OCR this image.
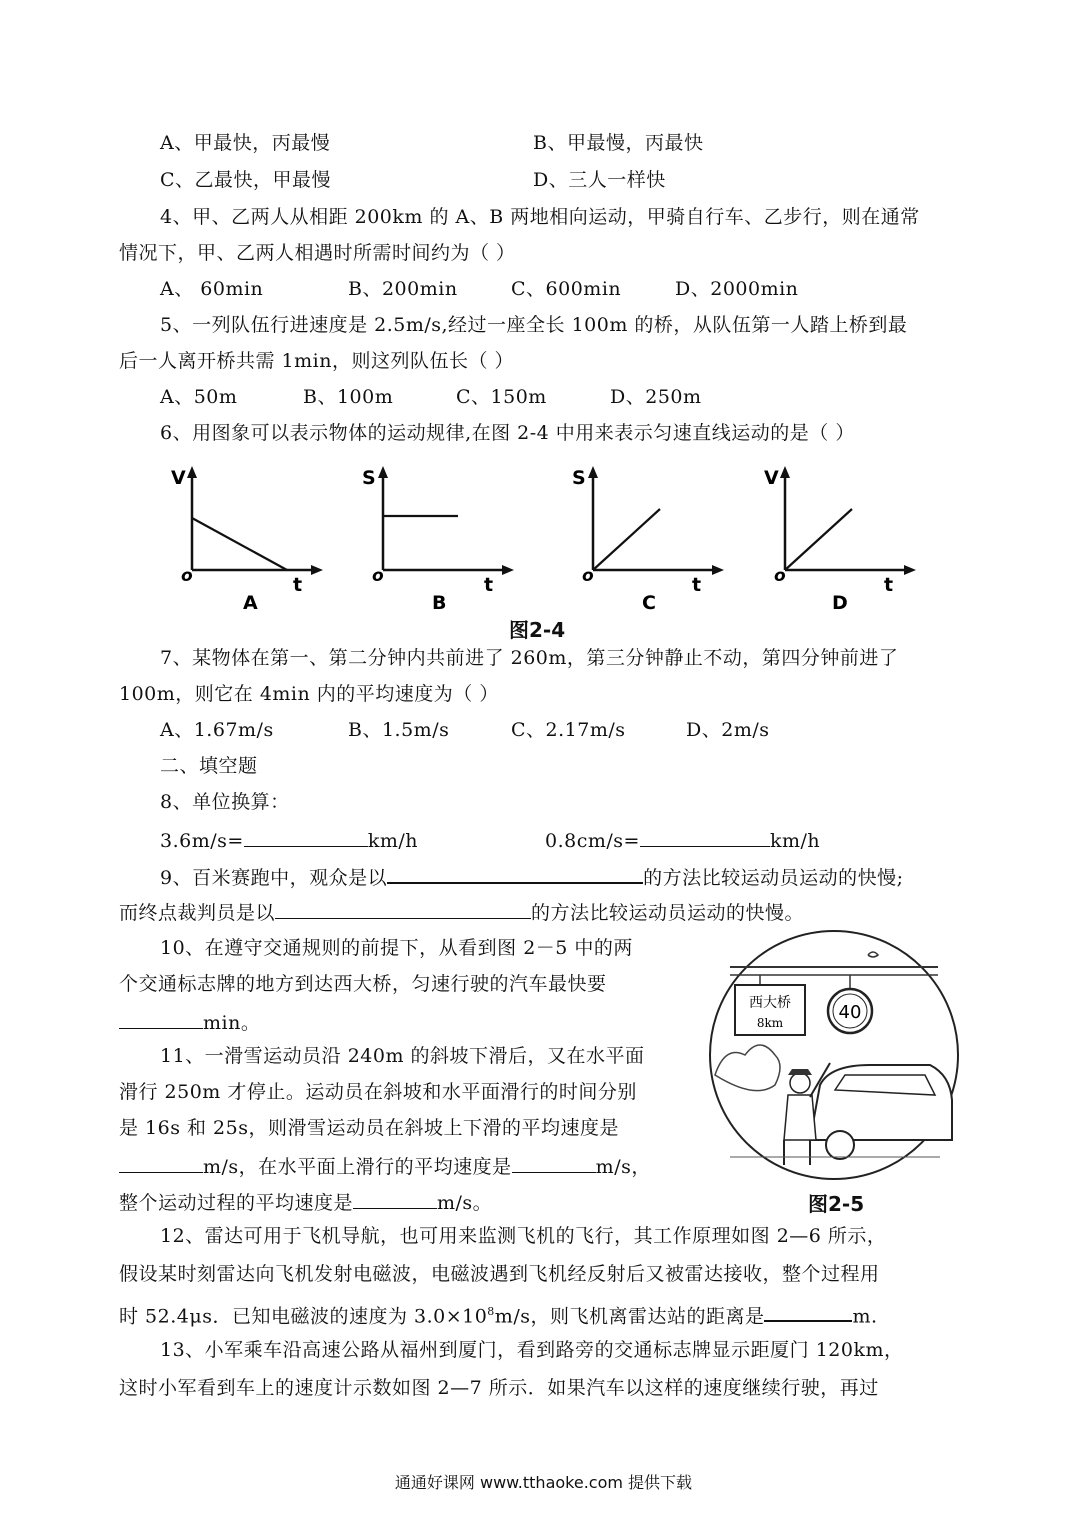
A、甲最快，丙最慢	B、甲最慢，丙最快
C、乙最快，甲最慢	D、三人一样快
4、甲、乙两人从相距 200km 的 A、B 两地相向运动，甲骑自行车、乙步行，则在通常
情况下，甲、乙两人相遇时所需时间约为（ ）
A、 60min	B、200min	C、600min	D、2000min
5、一列队伍行进速度是 2.5m/s,经过一座全长 100m 的桥，从队伍第一人踏上桥到最
后一人离开桥共需 1min，则这列队伍长（ ）
A、50m	B、100m	C、150m	D、250m
6、用图象可以表示物体的运动规律,在图 2-4 中用来表示匀速直线运动的是（ ）
V
o	t
A
S
o	t
B
S
o	t
C
V
o	t
D
图2-4
7、某物体在第一、第二分钟内共前进了 260m，第三分钟静止不动，第四分钟前进了
100m，则它在 4min 内的平均速度为（ ）
A、1.67m/s	B、1.5m/s	C、2.17m/s	D、2m/s
二、填空题
8、单位换算：
3.6m/s=	km/h	0.8cm/s=	km/h
9、百米赛跑中，观众是以	的方法比较运动员运动的快慢;
而终点裁判员是以	的方法比较运动员运动的快慢。
10、在遵守交通规则的前提下，从看到图 2－5 中的两
个交通标志牌的地方到达西大桥，匀速行驶的汽车最快要
min。
11、一滑雪运动员沿 240m 的斜坡下滑后，又在水平面
滑行 250m 才停止。运动员在斜坡和水平面滑行的时间分别
是 16s 和 25s，则滑雪运动员在斜坡上下滑的平均速度是
m/s，在水平面上滑行的平均速度是	m/s，
整个运动过程的平均速度是	m/s。
西大桥
8km	40
图2-5
12、雷达可用于飞机导航，也可用来监测飞机的飞行，其工作原理如图 2—6 所示，
假设某时刻雷达向飞机发射电磁波，电磁波遇到飞机经反射后又被雷达接收，整个过程用
时 52.4μs．已知电磁波的速度为 $3.0\times 10^8m/s$，则飞机离雷达站的距离是	m.
13、小军乘车沿高速公路从福州到厦门，看到路旁的交通标志牌显示距厦门 120km，
这时小军看到车上的速度计示数如图 2—7 所示．如果汽车以这样的速度继续行驶，再过
通通好课网 www.tthaoke.com 提供下载
